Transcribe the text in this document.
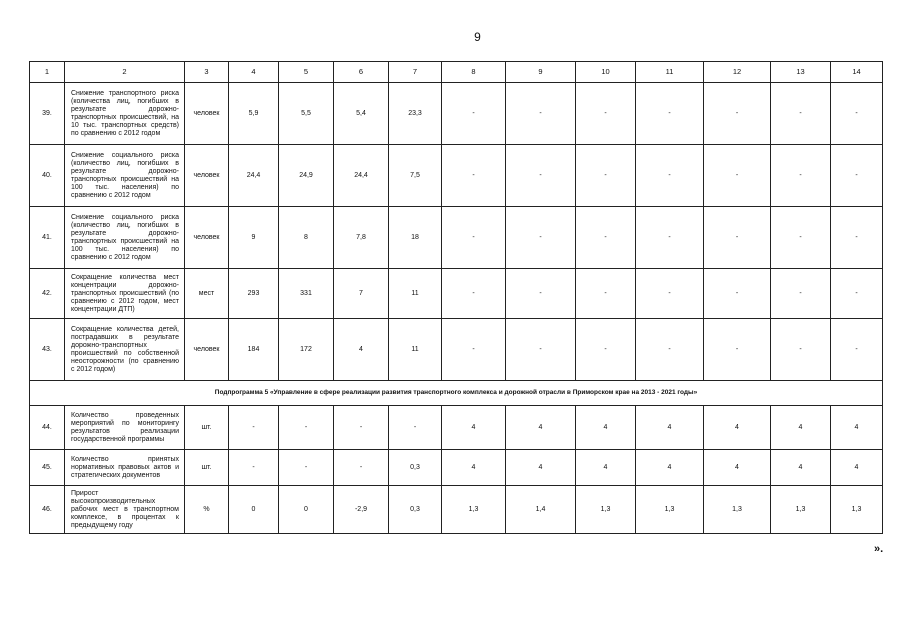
9
1	2	3	4	5	6	7	8	9	10	11	12	13	14
39.	Снижение транспортного риска (количества лиц, погибших в результате дорожно-транспортных происшествий, на 10 тыс. транспортных средств) по сравнению с 2012 годом	человек	5,9	5,5	5,4	23,3	-	-	-	-	-	-	-
40.	Снижение социального риска (количество лиц, погибших в результате дорожно-транспортных происшествий на 100 тыс. населения) по сравнению с 2012 годом	человек	24,4	24,9	24,4	7,5	-	-	-	-	-	-	-
41.	Снижение социального риска (количество лиц, погибших в результате дорожно-транспортных происшествий на 100 тыс. населения) по сравнению с 2012 годом	человек	9	8	7,8	18	-	-	-	-	-	-	-
42.	Сокращение количества мест концентрации дорожно-транспортных происшествий (по сравнению с 2012 годом, мест концентрации ДТП)	мест	293	331	7	11	-	-	-	-	-	-	-
43.	Сокращение количества детей, пострадавших в результате дорожно-транспортных происшествий по собственной неосторожности (по сравнению с 2012 годом)	человек	184	172	4	11	-	-	-	-	-	-	-
Подпрограмма 5 «Управление в сфере реализации развития транспортного комплекса и дорожной отрасли в Приморском крае на 2013 - 2021 годы»													
44.	Количество проведенных мероприятий по мониторингу результатов реализации государственной программы	шт.	-	-	-	-	4	4	4	4	4	4	4
45.	Количество принятых нормативных правовых актов и стратегических документов	шт.	-	-	-	0,3	4	4	4	4	4	4	4
46.	Прирост высокопроизводительных рабочих мест в транспортном комплексе, в процентах к предыдущему году	%	0	0	-2,9	0,3	1,3	1,4	1,3	1,3	1,3	1,3	1,3
».
